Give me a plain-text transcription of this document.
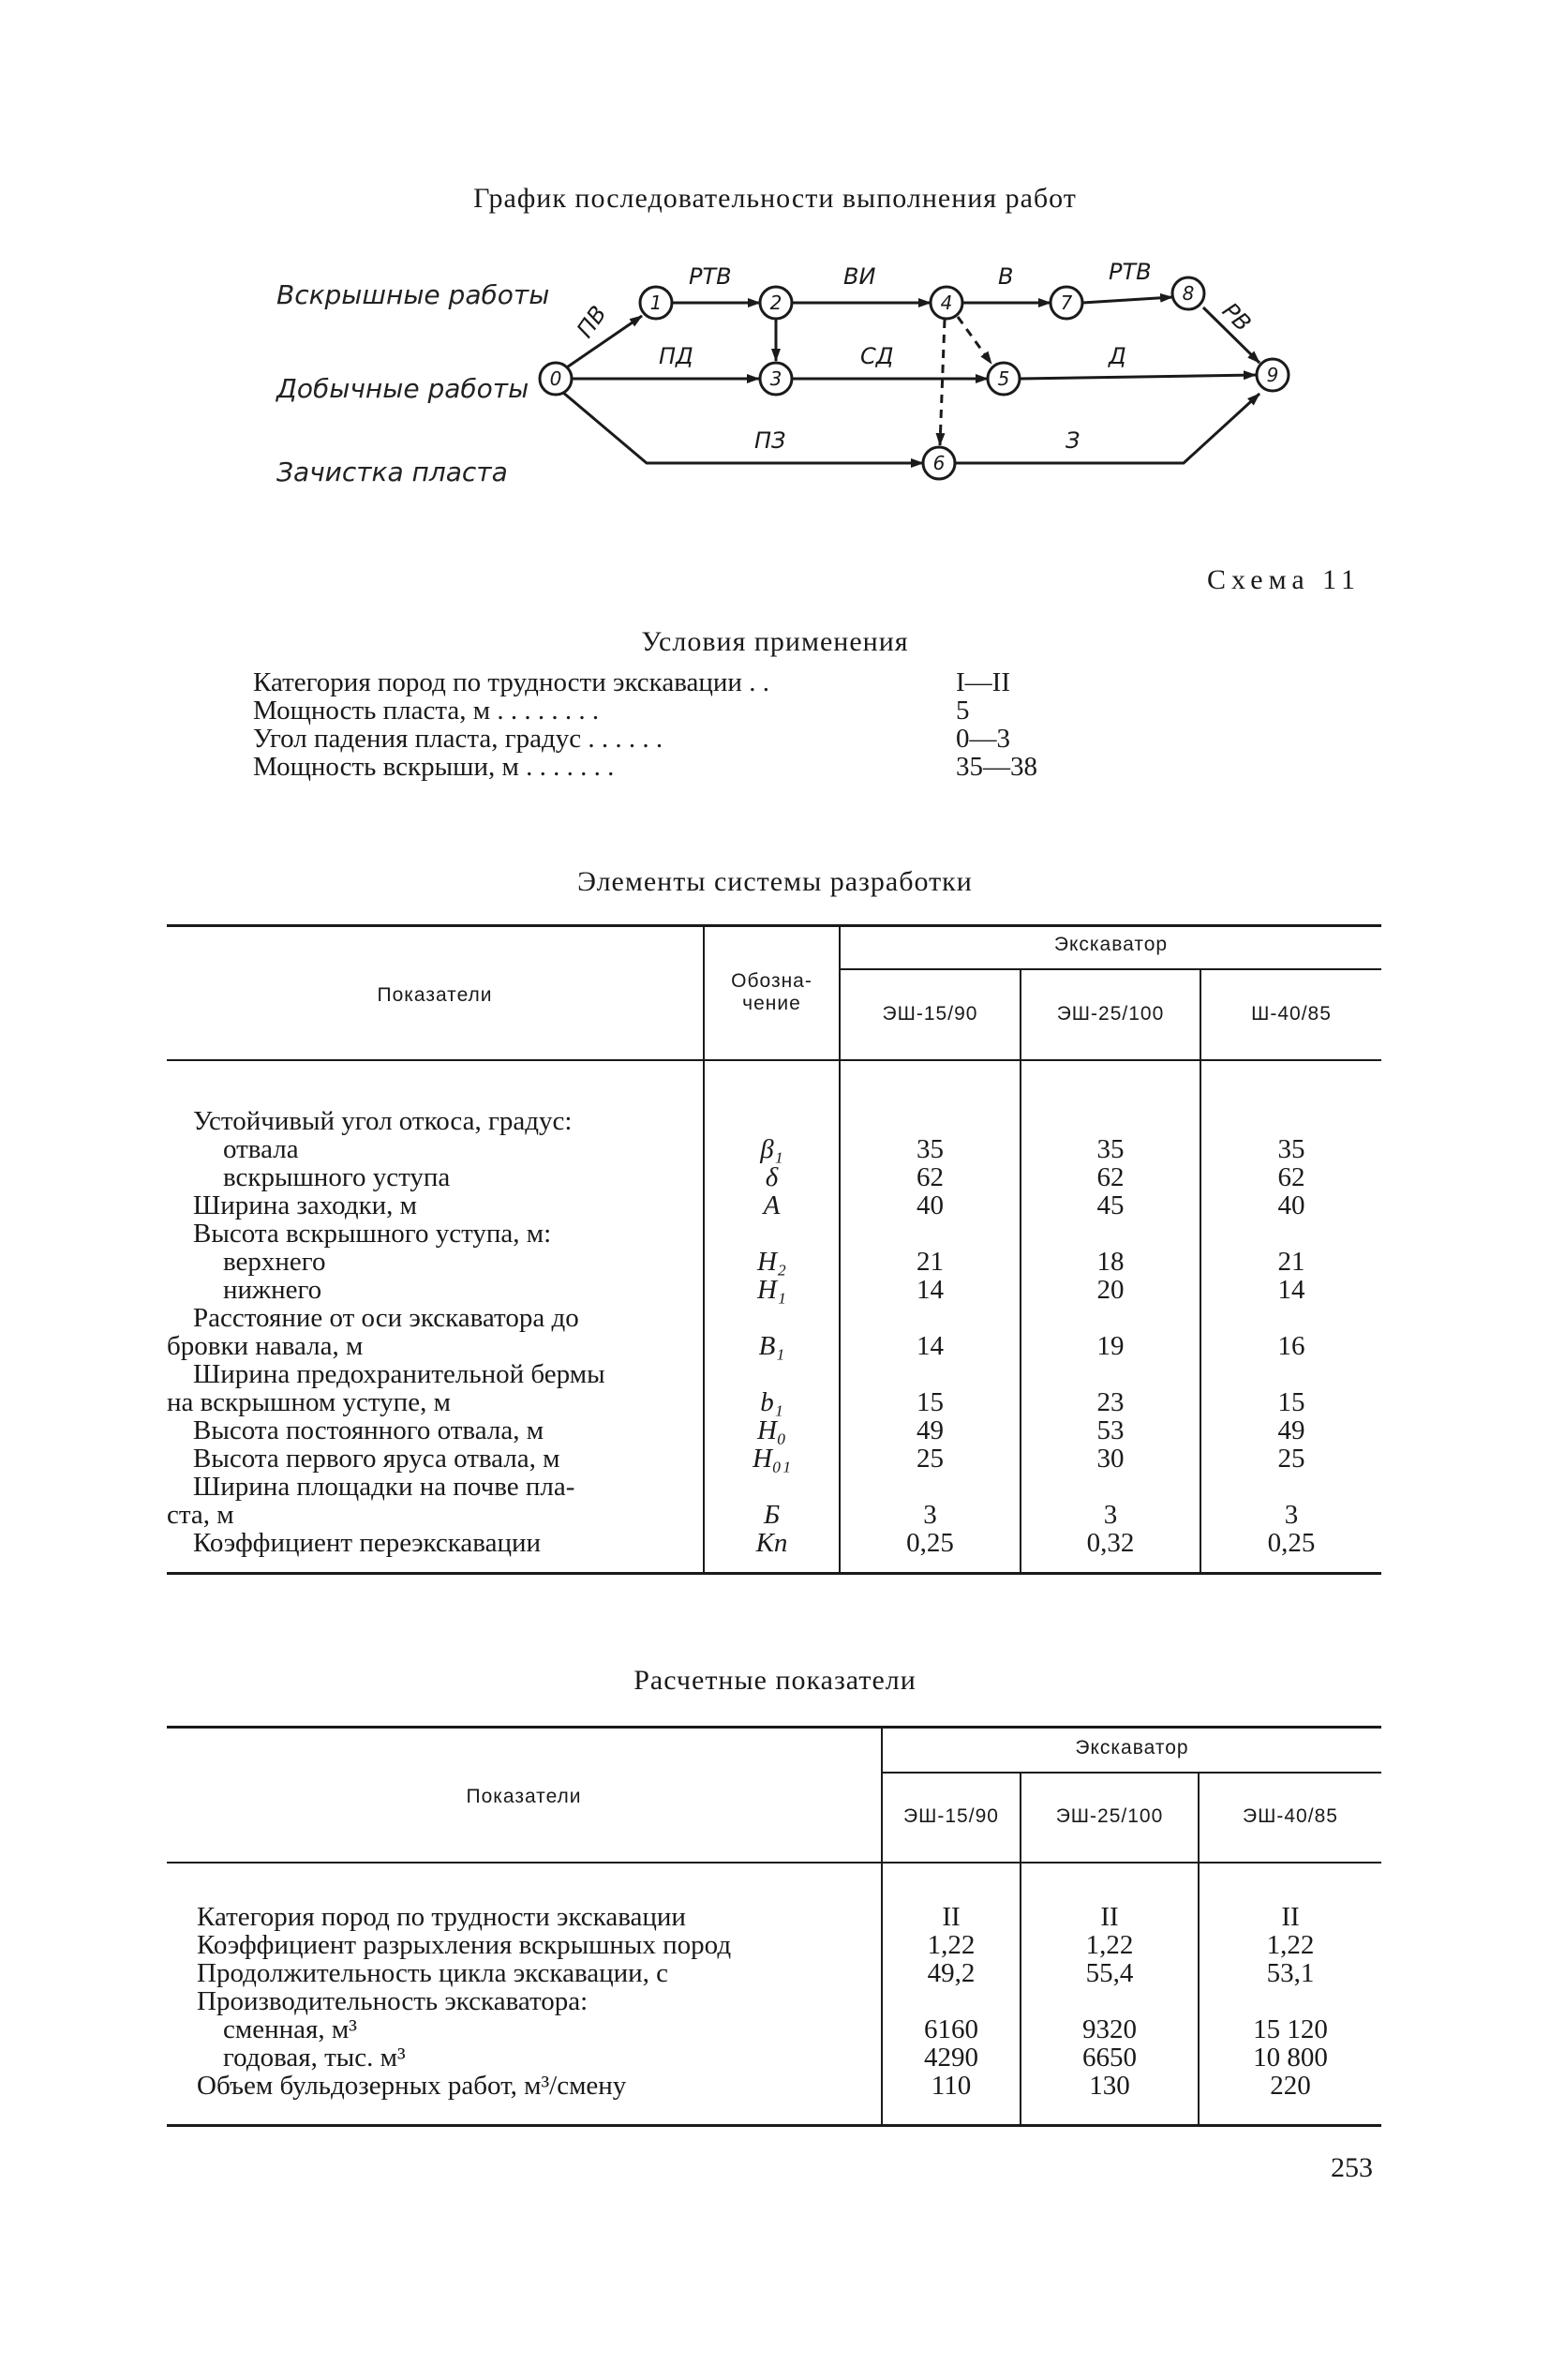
График последовательности выполнения работ
Вскрышные работы
Добычные работы
Зачистка пласта
0
1	2
3
4
5
6
7	8
9
ПВ
РТВ	ВИ	В	РТВ
РВ
ПД	СД	Д
ПЗ	З
Схема 11
Условия применения
Категория пород по трудности экскавации . .	I—II
Мощность пласта, м . . . . . . . .	5
Угол падения пласта, градус . . . . . .	0—3
Мощность вскрыши, м . . . . . . .	35—38
Элементы системы разработки
Показатели
Обозна-
чение
Экскаватор
ЭШ-15/90	ЭШ-25/100	Ш-40/85
Устойчивый угол откоса, градус:
отвала	β₁	35	35	35
вскрышного уступа	δ	62	62	62
Ширина заходки, м	A	40	45	40
Высота вскрышного уступа, м:
верхнего	H₂	21	18	21
нижнего	H₁	14	20	14
Расстояние от оси экскаватора до
бровки навала, м	B₁	14	19	16
Ширина предохранительной бермы
на вскрышном уступе, м	b₁	15	23	15
Высота постоянного отвала, м	H₀	49	53	49
Высота первого яруса отвала, м	H₀₁	25	30	25
Ширина площадки на почве пла-
ста, м	Б	3	3	3
Коэффициент переэкскавации	Kп	0,25	0,32	0,25
Расчетные показатели
Показатели
Экскаватор
ЭШ-15/90	ЭШ-25/100	ЭШ-40/85
Категория пород по трудности экскавации	II	II	II
Коэффициент разрыхления вскрышных пород	1,22	1,22	1,22
Продолжительность цикла экскавации, с	49,2	55,4	53,1
Производительность экскаватора:
сменная, м³	6160	9320	15 120
годовая, тыс. м³	4290	6650	10 800
Объем бульдозерных работ, м³/смену	110	130	220
253
